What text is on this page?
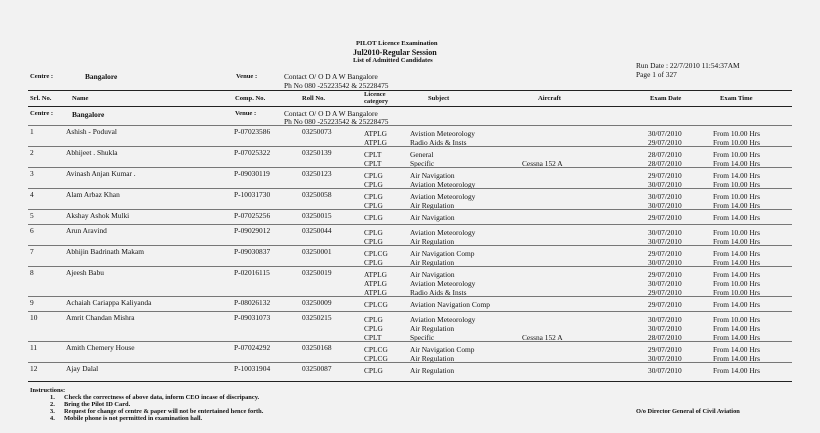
PILOT Licence Examination
Jul2010-Regular Session
List of Admitted Candidates
Run Date : 22/7/2010 11:54:37AM
Page 1 of 327
Centre :	Bangalore	Venue :	Contact O/ O D A W Bangalore
Ph No 080 -25223542 & 25228475
Srl. No.	Name	Comp. No.	Roll No.
Licence
category	Subject	Aircraft	Exam Date	Exam Time
Centre :	Bangalore	Venue :	Contact O/ O D A W Bangalore
Ph No 080 -25223542 & 25228475
1	Ashish - Poduval	P-07023586	03250073	ATPLG	Avistion Meteorology	30/07/2010	From 10.00 Hrs
ATPLG	Radio Aids & Insts	29/07/2010	From 10.00 Hrs
2	Abhijeet . Shukla	P-07025322	03250139	CPLT	General	28/07/2010	From 10.00 Hrs
CPLT	Specific	Cessna 152 A	28/07/2010	From 14.00 Hrs
3	Avinash Anjan Kumar .	P-09030119	03250123	CPLG	Air Navigation	29/07/2010	From 14.00 Hrs
CPLG	Aviation Meteorology	30/07/2010	From 10.00 Hrs
4	Alam Arbaz Khan	P-10031730	03250058	CPLG	Aviation Meteorology	30/07/2010	From 10.00 Hrs
CPLG	Air Regulation	30/07/2010	From 14.00 Hrs
5	Akshay Ashok Mulki	P-07025256	03250015	CPLG	Air Navigation	29/07/2010	From 14.00 Hrs
6	Arun Aravind	P-09029012	03250044	CPLG	Aviation Meteorology	30/07/2010	From 10.00 Hrs
CPLG	Air Regulation	30/07/2010	From 14.00 Hrs
7	Abhijin Badrinath Makam	P-09030837	03250001	CPLCG	Air Navigation Comp	29/07/2010	From 14.00 Hrs
CPLG	Air Regulation	30/07/2010	From 14.00 Hrs
8	Ajeesh Babu	P-02016115	03250019	ATPLG	Air Navigation	29/07/2010	From 14.00 Hrs
ATPLG	Aviation Meteorology	30/07/2010	From 10.00 Hrs
ATPLG	Radio Aids & Insts	29/07/2010	From 10.00 Hrs
9	Achaiah Cariappa Kaliyanda	P-08026132	03250009	CPLCG	Aviation Navigation Comp	29/07/2010	From 14.00 Hrs
10	Amrit Chandan Mishra	P-09031073	03250215	CPLG	Aviation Meteorology	30/07/2010	From 10.00 Hrs
CPLG	Air Regulation	30/07/2010	From 14.00 Hrs
CPLT	Specific	Cessna 152 A	28/07/2010	From 14.00 Hrs
11	Amith Chemery House	P-07024292	03250168	CPLCG	Air Navigation Comp	29/07/2010	From 14.00 Hrs
CPLCG	Air Regulation	30/07/2010	From 14.00 Hrs
12	Ajay Dalal	P-10031904	03250087	CPLG	Air Regulation	30/07/2010	From 14.00 Hrs
Instructions:
1. Check the correctness of above data, inform CEO incase of discripancy.
2. Bring the Pilot ID Card.
3. Request for change of centre & paper will not be entertained hence forth.
4. Mobile phone is not permitted in examination hall.
O/o Director General of Civil Aviation
